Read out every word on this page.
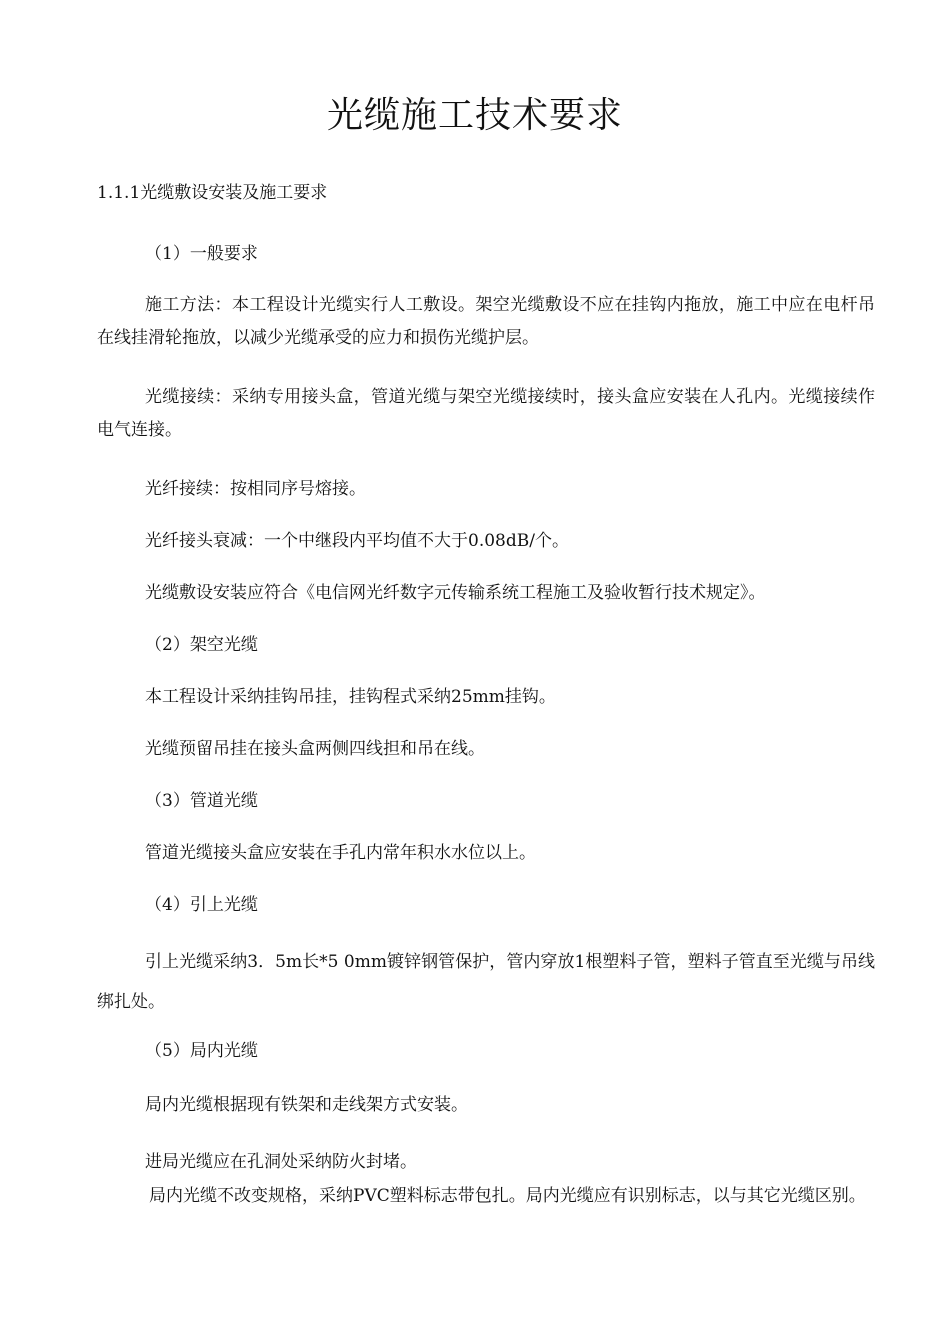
光缆施工技术要求
1.1.1光缆敷设安装及施工要求
（1）一般要求
施工方法：本工程设计光缆实行人工敷设。架空光缆敷设不应在挂钩内拖放，施工中应在电杆吊在线挂滑轮拖放，以减少光缆承受的应力和损伤光缆护层。
光缆接续：采纳专用接头盒，管道光缆与架空光缆接续时，接头盒应安装在人孔内。光缆接续作电气连接。
光纤接续：按相同序号熔接。
光纤接头衰减：一个中继段内平均值不大于0.08dB/个。
光缆敷设安装应符合《电信网光纤数字元传输系统工程施工及验收暂行技术规定》。
（2）架空光缆
本工程设计采纳挂钩吊挂，挂钩程式采纳25mm挂钩。
光缆预留吊挂在接头盒两侧四线担和吊在线。
（3）管道光缆
管道光缆接头盒应安装在手孔内常年积水水位以上。
（4）引上光缆
引上光缆采纳3．5m长*5 0mm镀锌钢管保护，管内穿放1根塑料子管，塑料子管直至光缆与吊线绑扎处。
（5）局内光缆
局内光缆根据现有铁架和走线架方式安装。
进局光缆应在孔洞处采纳防火封堵。
局内光缆不改变规格，采纳PVC塑料标志带包扎。局内光缆应有识别标志，以与其它光缆区别。
